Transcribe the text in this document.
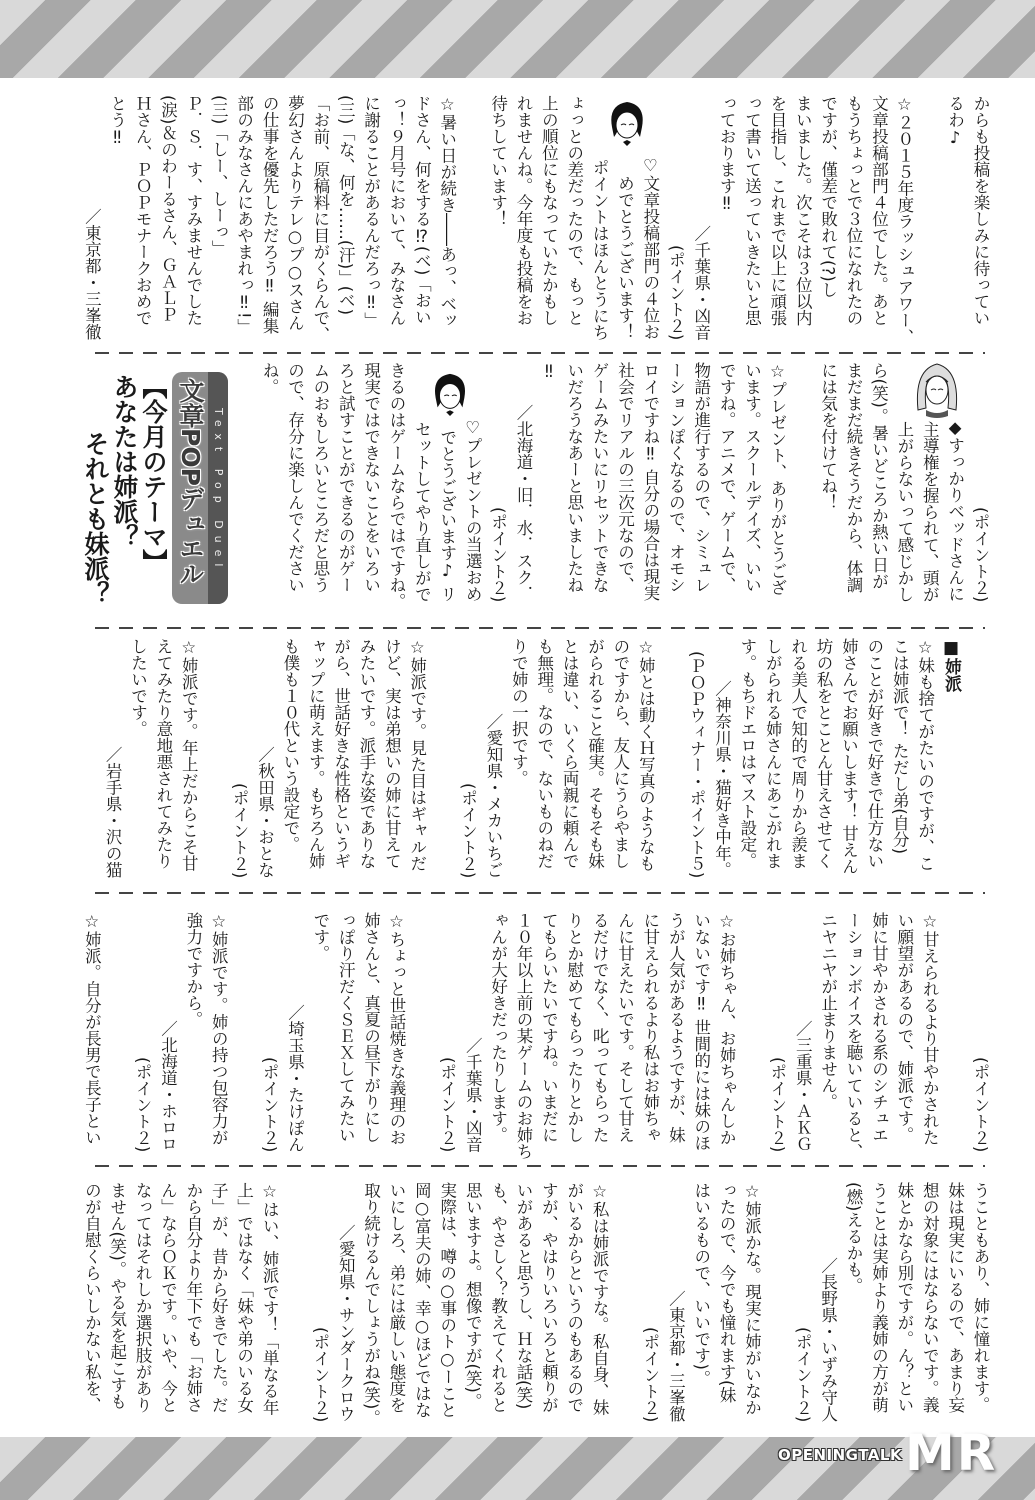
からも投稿を楽しみに待ってい
るわ♪
☆２０１５年度ラッシュアワー、
文章投稿部門４位でした。あと
もうちょっとで３位になれたの
ですが、僅差で敗れて(?)し
まいました。次こそは３位以内
を目指し、これまで以上に頑張
って書いて送っていきたいと思
っております‼
／千葉県・凶音
(ポイント２)
♡文章投稿部門の４位お
めでとうございます！
ポイントはほんとうにち
ょっとの差だったので、もっと
上の順位にもなっていたかもし
れませんね。今年度も投稿をお
待ちしています！
☆暑い日が続き――あっ、ベッ
ドさん、何をする⁉(ベ)「おい
っ！９月号において、みなさん
に謝ることがあるんだろっ‼」
(三)「な、何を……(汗)」(ベ)
「お前、原稿料に目がくらんで、
夢幻さんよりテレ○プ○スさん
の仕事を優先しただろう‼ 編集
部のみなさんにあやまれっ‼!」
(三)「しー、しーっ」
Ｐ．Ｓ．す、すみませんでした
(涙)＆のわーるさん、ＧＡＬＰ
Ｈさん、ＰＯＰモナークおめで
とう‼
／東京都・三峯徹
(ポイント２)
◆すっかりベッドさんに
主導権を握られて、頭が
上がらないって感じかし
ら(笑)。暑いどころか熱い日が
まだまだ続きそうだから、体調
には気を付けてね！
☆プレゼント、ありがとうござ
います。スクールデイズ、いい
ですね。アニメで、ゲームで、
物語が進行するので、シミュレ
ーションぽくなるので、オモシ
ロイですね‼ 自分の場合は現実
社会でリアルの三次元なので、
ゲームみたいにリセットできな
いだろうなあーと思いましたね
‼
／北海道・旧．水．スク．
(ポイント２)
♡プレゼントの当選おめ
でとうございます♪ リ
セットしてやり直しがで
きるのはゲームならではですね。
現実ではできないことをいろい
ろと試すことができるのがゲー
ムのおもしろいところだと思う
ので、存分に楽しんでください
ね。
■姉派
☆妹も捨てがたいのですが、こ
こは姉派で！ ただし弟(自分)
のことが好きで好きで仕方ない
姉さんでお願いします！ 甘えん
坊の私をとことん甘えさせてく
れる美人で知的で周りから羨ま
しがられる姉さんにあこがれま
す。もちドエロはマスト設定。
／神奈川県・猫好き中年。
(ＰＯＰウィナー・ポイント５)
☆姉とは動くＨ写真のようなも
のですから、友人にうらやまし
がられること確実。そもそも妹
とは違い、いくら両親に頼んで
も無理。なので、ないものねだ
りで姉の一択です。
／愛知県・メカいちご
(ポイント２)
☆姉派です。見た目はギャルだ
けど、実は弟想いの姉に甘えて
みたいです。派手な姿でありな
がら、世話好きな性格というギ
ャップに萌えます。もちろん姉
も僕も１０代という設定で。
／秋田県・おとな
(ポイント２)
☆姉派です。年上だからこそ甘
えてみたり意地悪されてみたり
したいです。
／岩手県・沢の猫
(ポイント２)
☆甘えられるより甘やかされた
い願望があるので、姉派です。
姉に甘やかされる系のシチュエ
ーションボイスを聴いていると、
ニヤニヤが止まりません。
／三重県・ＡＫＧ
(ポイント２)
☆お姉ちゃん、お姉ちゃんしか
いないです‼ 世間的には妹のほ
うが人気があるようですが、妹
に甘えられるより私はお姉ちゃ
んに甘えたいです。そして甘え
るだけでなく、叱ってもらった
りとか慰めてもらったりとかし
てもらいたいですね。いまだに
１０年以上前の某ゲームのお姉ち
ゃんが大好きだったりします。
／千葉県・凶音
(ポイント２)
☆ちょっと世話焼きな義理のお
姉さんと、真夏の昼下がりにし
っぽり汗だくＳＥＸしてみたい
です。
／埼玉県・たけぽん
(ポイント２)
☆姉派です。姉の持つ包容力が
強力ですから。
／北海道・ホロロ
(ポイント２)
☆姉派。自分が長男で長子とい
うこともあり、姉に憧れます。
妹は現実にいるので、あまり妄
想の対象にはならないです。義
妹とかなら別ですが。ん？とい
うことは実姉より義姉の方が萌
(燃)えるかも。
／長野県・いずみ守人
(ポイント２)
☆姉派かな。現実に姉がいなか
ったので、今でも憧れます(妹
はいるもので、いいです)。
／東京都・三峯徹
(ポイント２)
☆私は姉派ですな。私自身、妹
がいるからというのもあるので
すが、やはりいろいろと頼りが
いがあると思うし、Ｈな話(笑)
も、やさしく？教えてくれると
思いますよ。想像ですが(笑)。
実際は、噂の○事のト○ーこと
岡○富夫の姉、幸○ほどではな
いにしろ、弟には厳しい態度を
取り続けるんでしょうがね(笑)。
／愛知県・サンダークロウ
(ポイント２)
☆はい、姉派です！「単なる年
上」ではなく「妹や弟のいる女
子」が、昔から好きでした。だ
から自分より年下でも「お姉さ
ん」ならＯＫです。いや、今と
なってはそれしか選択肢があり
ません(笑)。やる気を起こすも
のが自慰くらいしかない私を、
Text Pop Duel
文章POPデュエル
【今月のテーマ】
あなたは姉派？
それとも妹派？
OPENINGTALK MR
